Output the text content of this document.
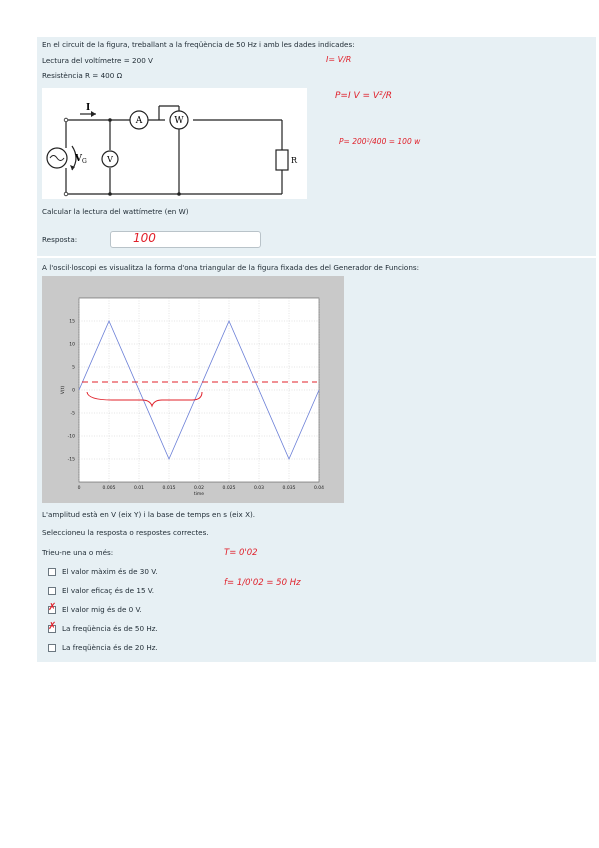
En el circuit de la figura, treballant a la freqüència de 50 Hz i amb les dades indicades:
Lectura del voltímetre = 200 V
Resistència R = 400 Ω
A	W
V
I
V G	R
Calcular la lectura del wattímetre (en W)
Resposta:	100
I= V/R
P=I V = V²/R
P= 200²/400 = 100 w
A l'oscil·loscopi es visualitza la forma d'ona triangular de la figura fixada des del Generador de Funcions:
0	0.005	0.01	0.015	0.02	0.025	0.03	0.035	0.04
15
10
5
0
-5
-10
-15
time
V(t)
L'amplitud està en V (eix Y) i la base de temps en s (eix X).
Seleccioneu la resposta o respostes correctes.
Trieu-ne una o més:
El valor màxim és de 30 V.
El valor eficaç és de 15 V.
✗ El valor mig és de 0 V.
✗ La freqüència és de 50 Hz.
La freqüència és de 20 Hz.
T= 0'02
f= 1/0'02 = 50 Hz
